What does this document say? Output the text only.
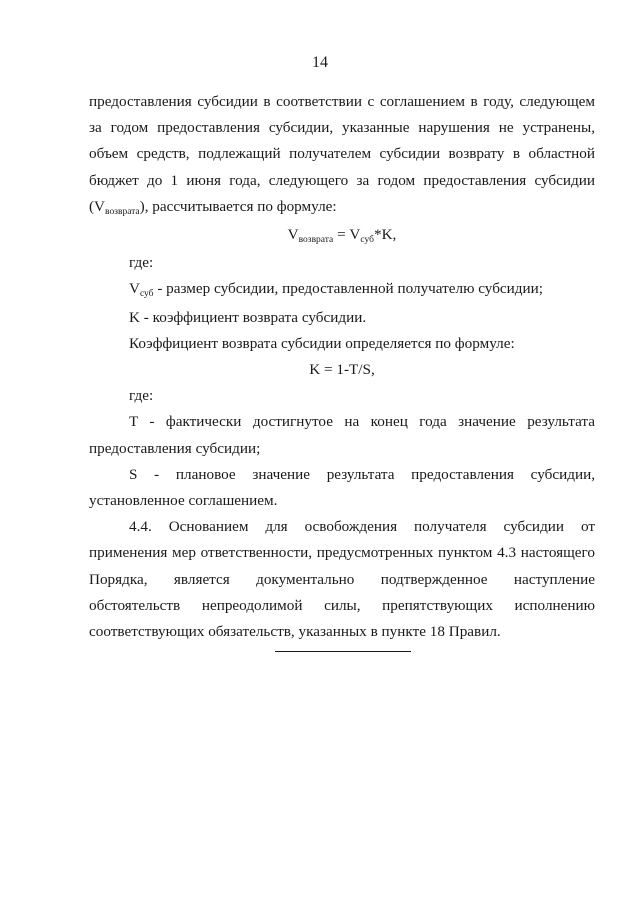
14

предоставления субсидии в соответствии с соглашением в году, следующем

за годом предоставления субсидии, указанные нарушения не устранены,

объем средств, подлежащий получателем субсидии возврату в областной

бюджет до 1 июня года, следующего за годом предоставления субсидии

$(V_{возврата})$, рассчитывается по формуле:

$V_{возврата} = V_{суб}*K$,

где:

$V_{суб}$ - размер субсидии, предоставленной получателю субсидии;

K - коэффициент возврата субсидии.

Коэффициент возврата субсидии определяется по формуле:

K = 1-T/S,

где:

T - фактически достигнутое на конец года значение результата

предоставления субсидии;

S - плановое значение результата предоставления субсидии,

установленное соглашением.

4.4. Основанием для освобождения получателя субсидии от

применения мер ответственности, предусмотренных пунктом 4.3 настоящего

Порядка, является документально подтвержденное наступление

обстоятельств непреодолимой силы, препятствующих исполнению

соответствующих обязательств, указанных в пункте 18 Правил.
